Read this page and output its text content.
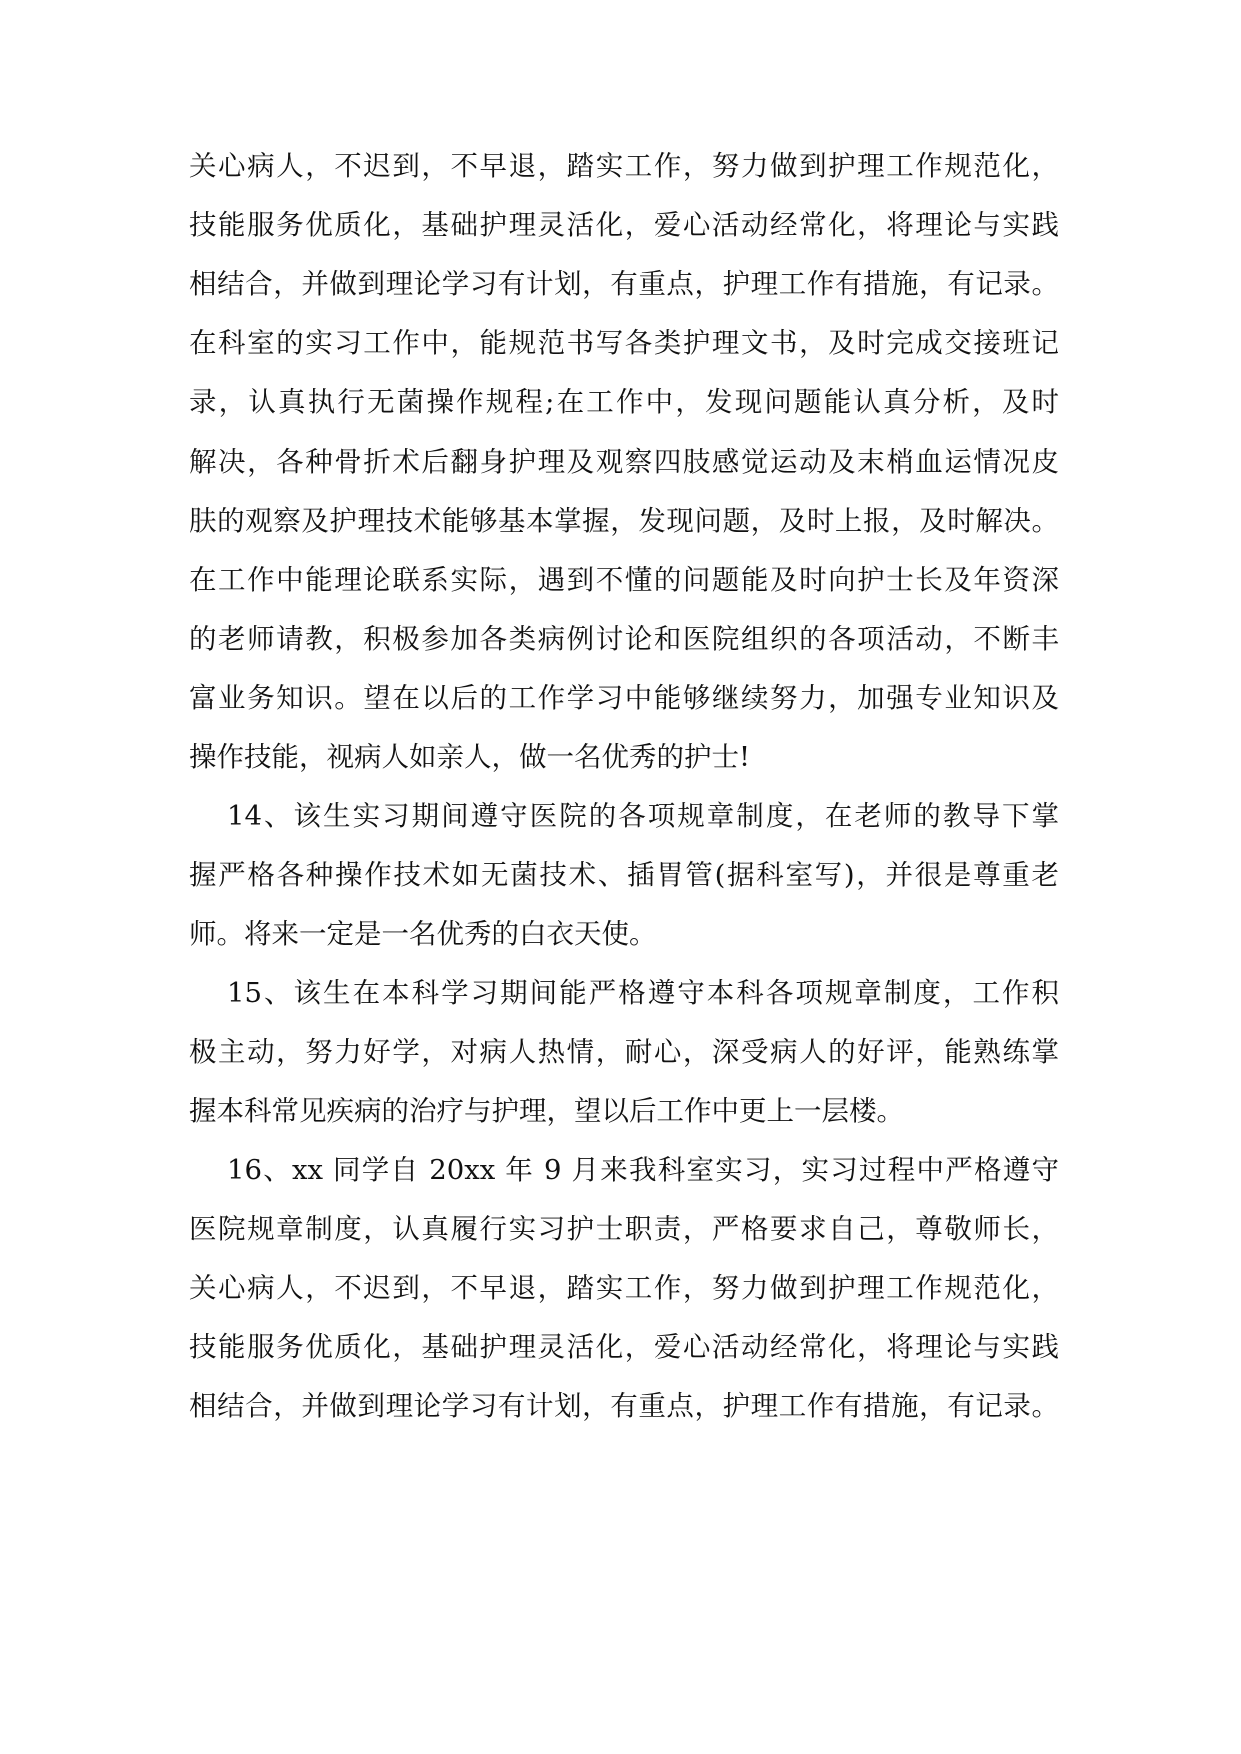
关心病人，不迟到，不早退，踏实工作，努力做到护理工作规范化，
技能服务优质化，基础护理灵活化，爱心活动经常化，将理论与实践
相结合，并做到理论学习有计划，有重点，护理工作有措施，有记录。
在科室的实习工作中，能规范书写各类护理文书，及时完成交接班记
录，认真执行无菌操作规程;在工作中，发现问题能认真分析，及时
解决，各种骨折术后翻身护理及观察四肢感觉运动及末梢血运情况皮
肤的观察及护理技术能够基本掌握，发现问题，及时上报，及时解决。
在工作中能理论联系实际，遇到不懂的问题能及时向护士长及年资深
的老师请教，积极参加各类病例讨论和医院组织的各项活动，不断丰
富业务知识。望在以后的工作学习中能够继续努力，加强专业知识及
操作技能，视病人如亲人，做一名优秀的护士!
14、该生实习期间遵守医院的各项规章制度，在老师的教导下掌
握严格各种操作技术如无菌技术、插胃管(据科室写)，并很是尊重老
师。将来一定是一名优秀的白衣天使。
15、该生在本科学习期间能严格遵守本科各项规章制度，工作积
极主动，努力好学，对病人热情，耐心，深受病人的好评，能熟练掌
握本科常见疾病的治疗与护理，望以后工作中更上一层楼。
16、xx 同学自 20xx 年 9 月来我科室实习，实习过程中严格遵守
医院规章制度，认真履行实习护士职责，严格要求自己，尊敬师长，
关心病人，不迟到，不早退，踏实工作，努力做到护理工作规范化，
技能服务优质化，基础护理灵活化，爱心活动经常化，将理论与实践
相结合，并做到理论学习有计划，有重点，护理工作有措施，有记录。
